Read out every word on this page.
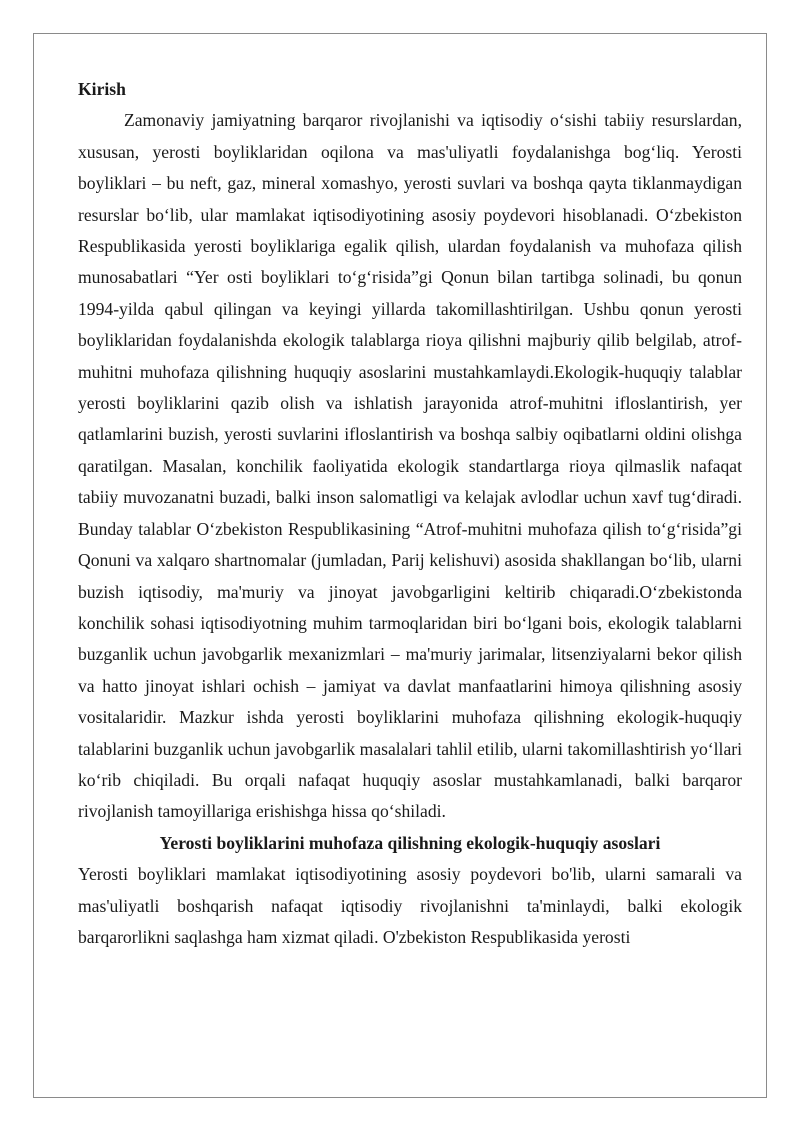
Kirish

Zamonaviy jamiyatning barqaror rivojlanishi va iqtisodiy o‘sishi tabiiy resurslardan, xususan, yerosti boyliklaridan oqilona va mas'uliyatli foydalanishga bog‘liq. Yerosti boyliklari – bu neft, gaz, mineral xomashyo, yerosti suvlari va boshqa qayta tiklanmaydigan resurslar bo‘lib, ular mamlakat iqtisodiyotining asosiy poydevori hisoblanadi. O‘zbekiston Respublikasida yerosti boyliklariga egalik qilish, ulardan foydalanish va muhofaza qilish munosabatlari “Yer osti boyliklari to‘g‘risida”gi Qonun bilan tartibga solinadi, bu qonun 1994-yilda qabul qilingan va keyingi yillarda takomillashtirilgan. Ushbu qonun yerosti boyliklaridan foydalanishda ekologik talablarga rioya qilishni majburiy qilib belgilab, atrof-muhitni muhofaza qilishning huquqiy asoslarini mustahkamlaydi.Ekologik-huquqiy talablar yerosti boyliklarini qazib olish va ishlatish jarayonida atrof-muhitni ifloslantirish, yer qatlamlarini buzish, yerosti suvlarini ifloslantirish va boshqa salbiy oqibatlarni oldini olishga qaratilgan. Masalan, konchilik faoliyatida ekologik standartlarga rioya qilmaslik nafaqat tabiiy muvozanatni buzadi, balki inson salomatligi va kelajak avlodlar uchun xavf tug‘diradi. Bunday talablar O‘zbekiston Respublikasining “Atrof-muhitni muhofaza qilish to‘g‘risida”gi Qonuni va xalqaro shartnomalar (jumladan, Parij kelishuvi) asosida shakllangan bo‘lib, ularni buzish iqtisodiy, ma'muriy va jinoyat javobgarligini keltirib chiqaradi.O‘zbekistonda konchilik sohasi iqtisodiyotning muhim tarmoqlaridan biri bo‘lgani bois, ekologik talablarni buzganlik uchun javobgarlik mexanizmlari – ma'muriy jarimalar, litsenziyalarni bekor qilish va hatto jinoyat ishlari ochish – jamiyat va davlat manfaatlarini himoya qilishning asosiy vositalaridir. Mazkur ishda yerosti boyliklarini muhofaza qilishning ekologik-huquqiy talablarini buzganlik uchun javobgarlik masalalari tahlil etilib, ularni takomillashtirish yo‘llari ko‘rib chiqiladi. Bu orqali nafaqat huquqiy asoslar mustahkamlanadi, balki barqaror rivojlanish tamoyillariga erishishga hissa qo‘shiladi.

Yerosti boyliklarini muhofaza qilishning ekologik-huquqiy asoslari

Yerosti boyliklari mamlakat iqtisodiyotining asosiy poydevori bo'lib, ularni samarali va mas'uliyatli boshqarish nafaqat iqtisodiy rivojlanishni ta'minlaydi, balki ekologik barqarorlikni saqlashga ham xizmat qiladi. O'zbekiston Respublikasida yerosti
